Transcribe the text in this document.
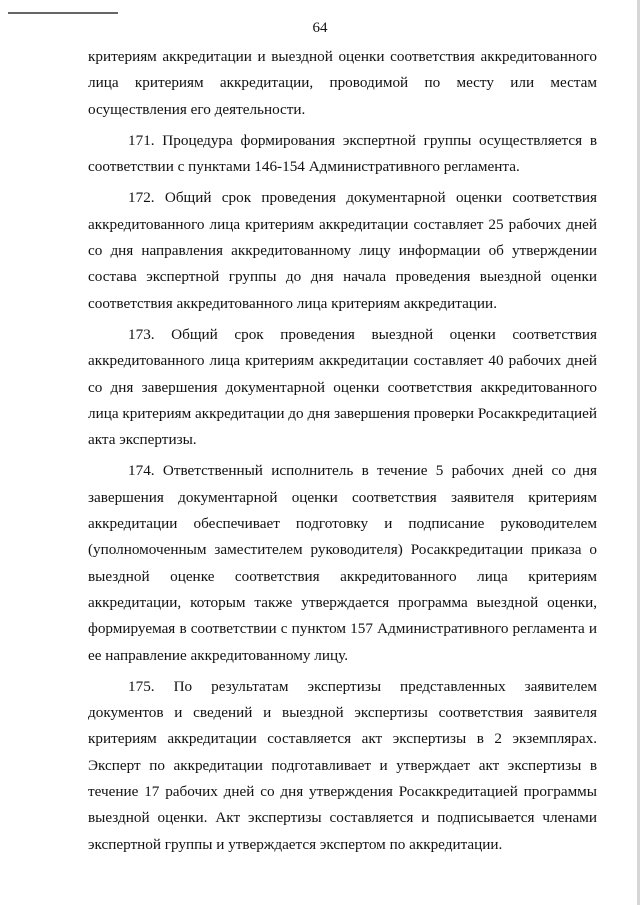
64

критериям аккредитации и выездной оценки соответствия аккредитованного лица критериям аккредитации, проводимой по месту или местам осуществления его деятельности.

171. Процедура формирования экспертной группы осуществляется в соответствии с пунктами 146-154 Административного регламента.

172. Общий срок проведения документарной оценки соответствия аккредитованного лица критериям аккредитации составляет 25 рабочих дней со дня направления аккредитованному лицу информации об утверждении состава экспертной группы до дня начала проведения выездной оценки соответствия аккредитованного лица критериям аккредитации.

173. Общий срок проведения выездной оценки соответствия аккредитованного лица критериям аккредитации составляет 40 рабочих дней со дня завершения документарной оценки соответствия аккредитованного лица критериям аккредитации до дня завершения проверки Росаккредитацией акта экспертизы.

174. Ответственный исполнитель в течение 5 рабочих дней со дня завершения документарной оценки соответствия заявителя критериям аккредитации обеспечивает подготовку и подписание руководителем (уполномоченным заместителем руководителя) Росаккредитации приказа о выездной оценке соответствия аккредитованного лица критериям аккредитации, которым также утверждается программа выездной оценки, формируемая в соответствии с пунктом 157 Административного регламента и ее направление аккредитованному лицу.

175. По результатам экспертизы представленных заявителем документов и сведений и выездной экспертизы соответствия заявителя критериям аккредитации составляется акт экспертизы в 2 экземплярах. Эксперт по аккредитации подготавливает и утверждает акт экспертизы в течение 17 рабочих дней со дня утверждения Росаккредитацией программы выездной оценки. Акт экспертизы составляется и подписывается членами экспертной группы и утверждается экспертом по аккредитации.
